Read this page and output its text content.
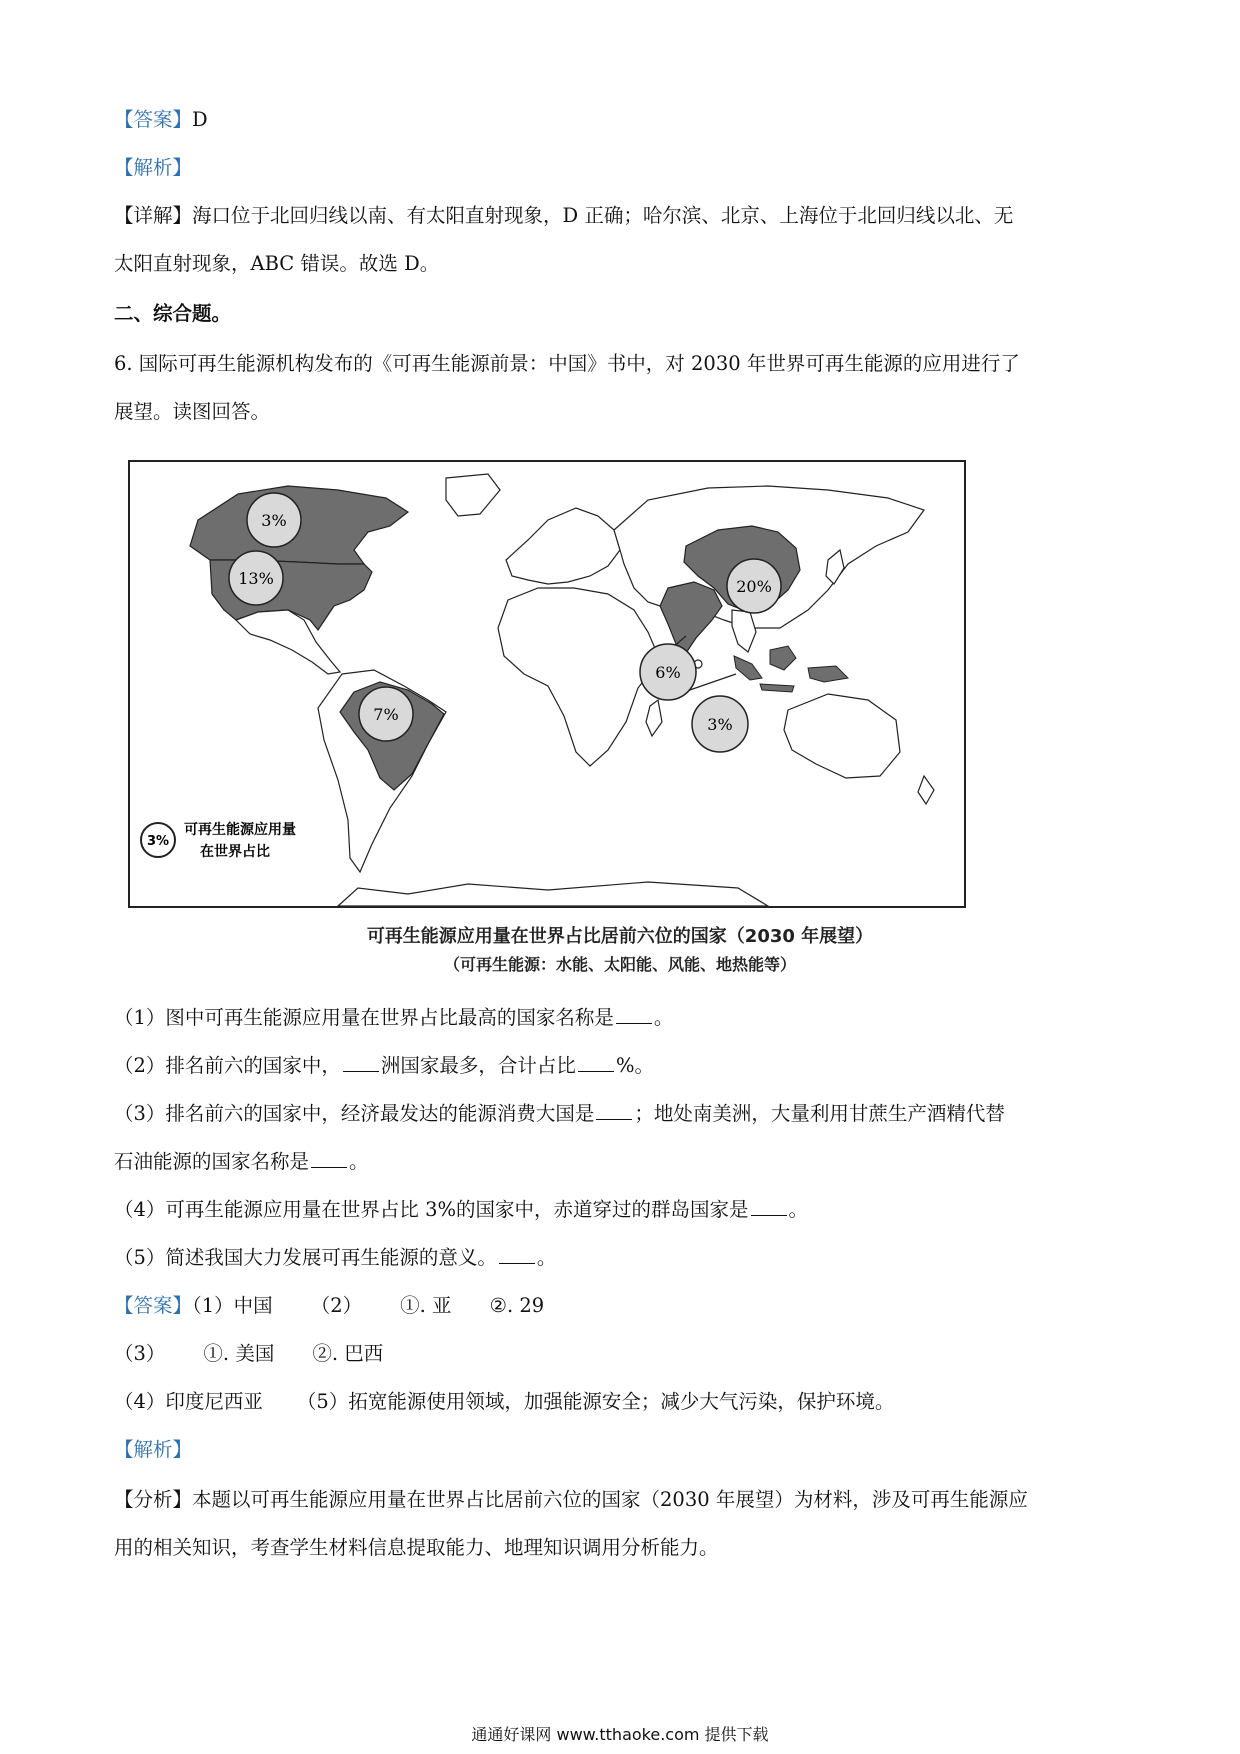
【答案】D
【解析】
【详解】海口位于北回归线以南、有太阳直射现象，D 正确；哈尔滨、北京、上海位于北回归线以北、无
太阳直射现象，ABC 错误。故选 D。
二、综合题。
6. 国际可再生能源机构发布的《可再生能源前景：中国》书中，对 2030 年世界可再生能源的应用进行了
展望。读图回答。
3%
13%
7%
20%
6%
3%
3%
可再生能源应用量
在世界占比
可再生能源应用量在世界占比居前六位的国家（2030 年展望）
（可再生能源：水能、太阳能、风能、地热能等）
（1）图中可再生能源应用量在世界占比最高的国家名称是 。
（2）排名前六的国家中， 洲国家最多，合计占比 %。
（3）排名前六的国家中，经济最发达的能源消费大国是 ；地处南美洲，大量利用甘蔗生产酒精代替
石油能源的国家名称是 。
（4）可再生能源应用量在世界占比 3%的国家中，赤道穿过的群岛国家是 。
（5）简述我国大力发展可再生能源的意义。 。
【答案】（1）中国 （2） ①. 亚 ②. 29
（3） ①. 美国 ②. 巴西
（4）印度尼西亚 （5）拓宽能源使用领域，加强能源安全；减少大气污染，保护环境。
【解析】
【分析】本题以可再生能源应用量在世界占比居前六位的国家（2030 年展望）为材料，涉及可再生能源应
用的相关知识，考查学生材料信息提取能力、地理知识调用分析能力。
通通好课网 www.tthaoke.com 提供下载
